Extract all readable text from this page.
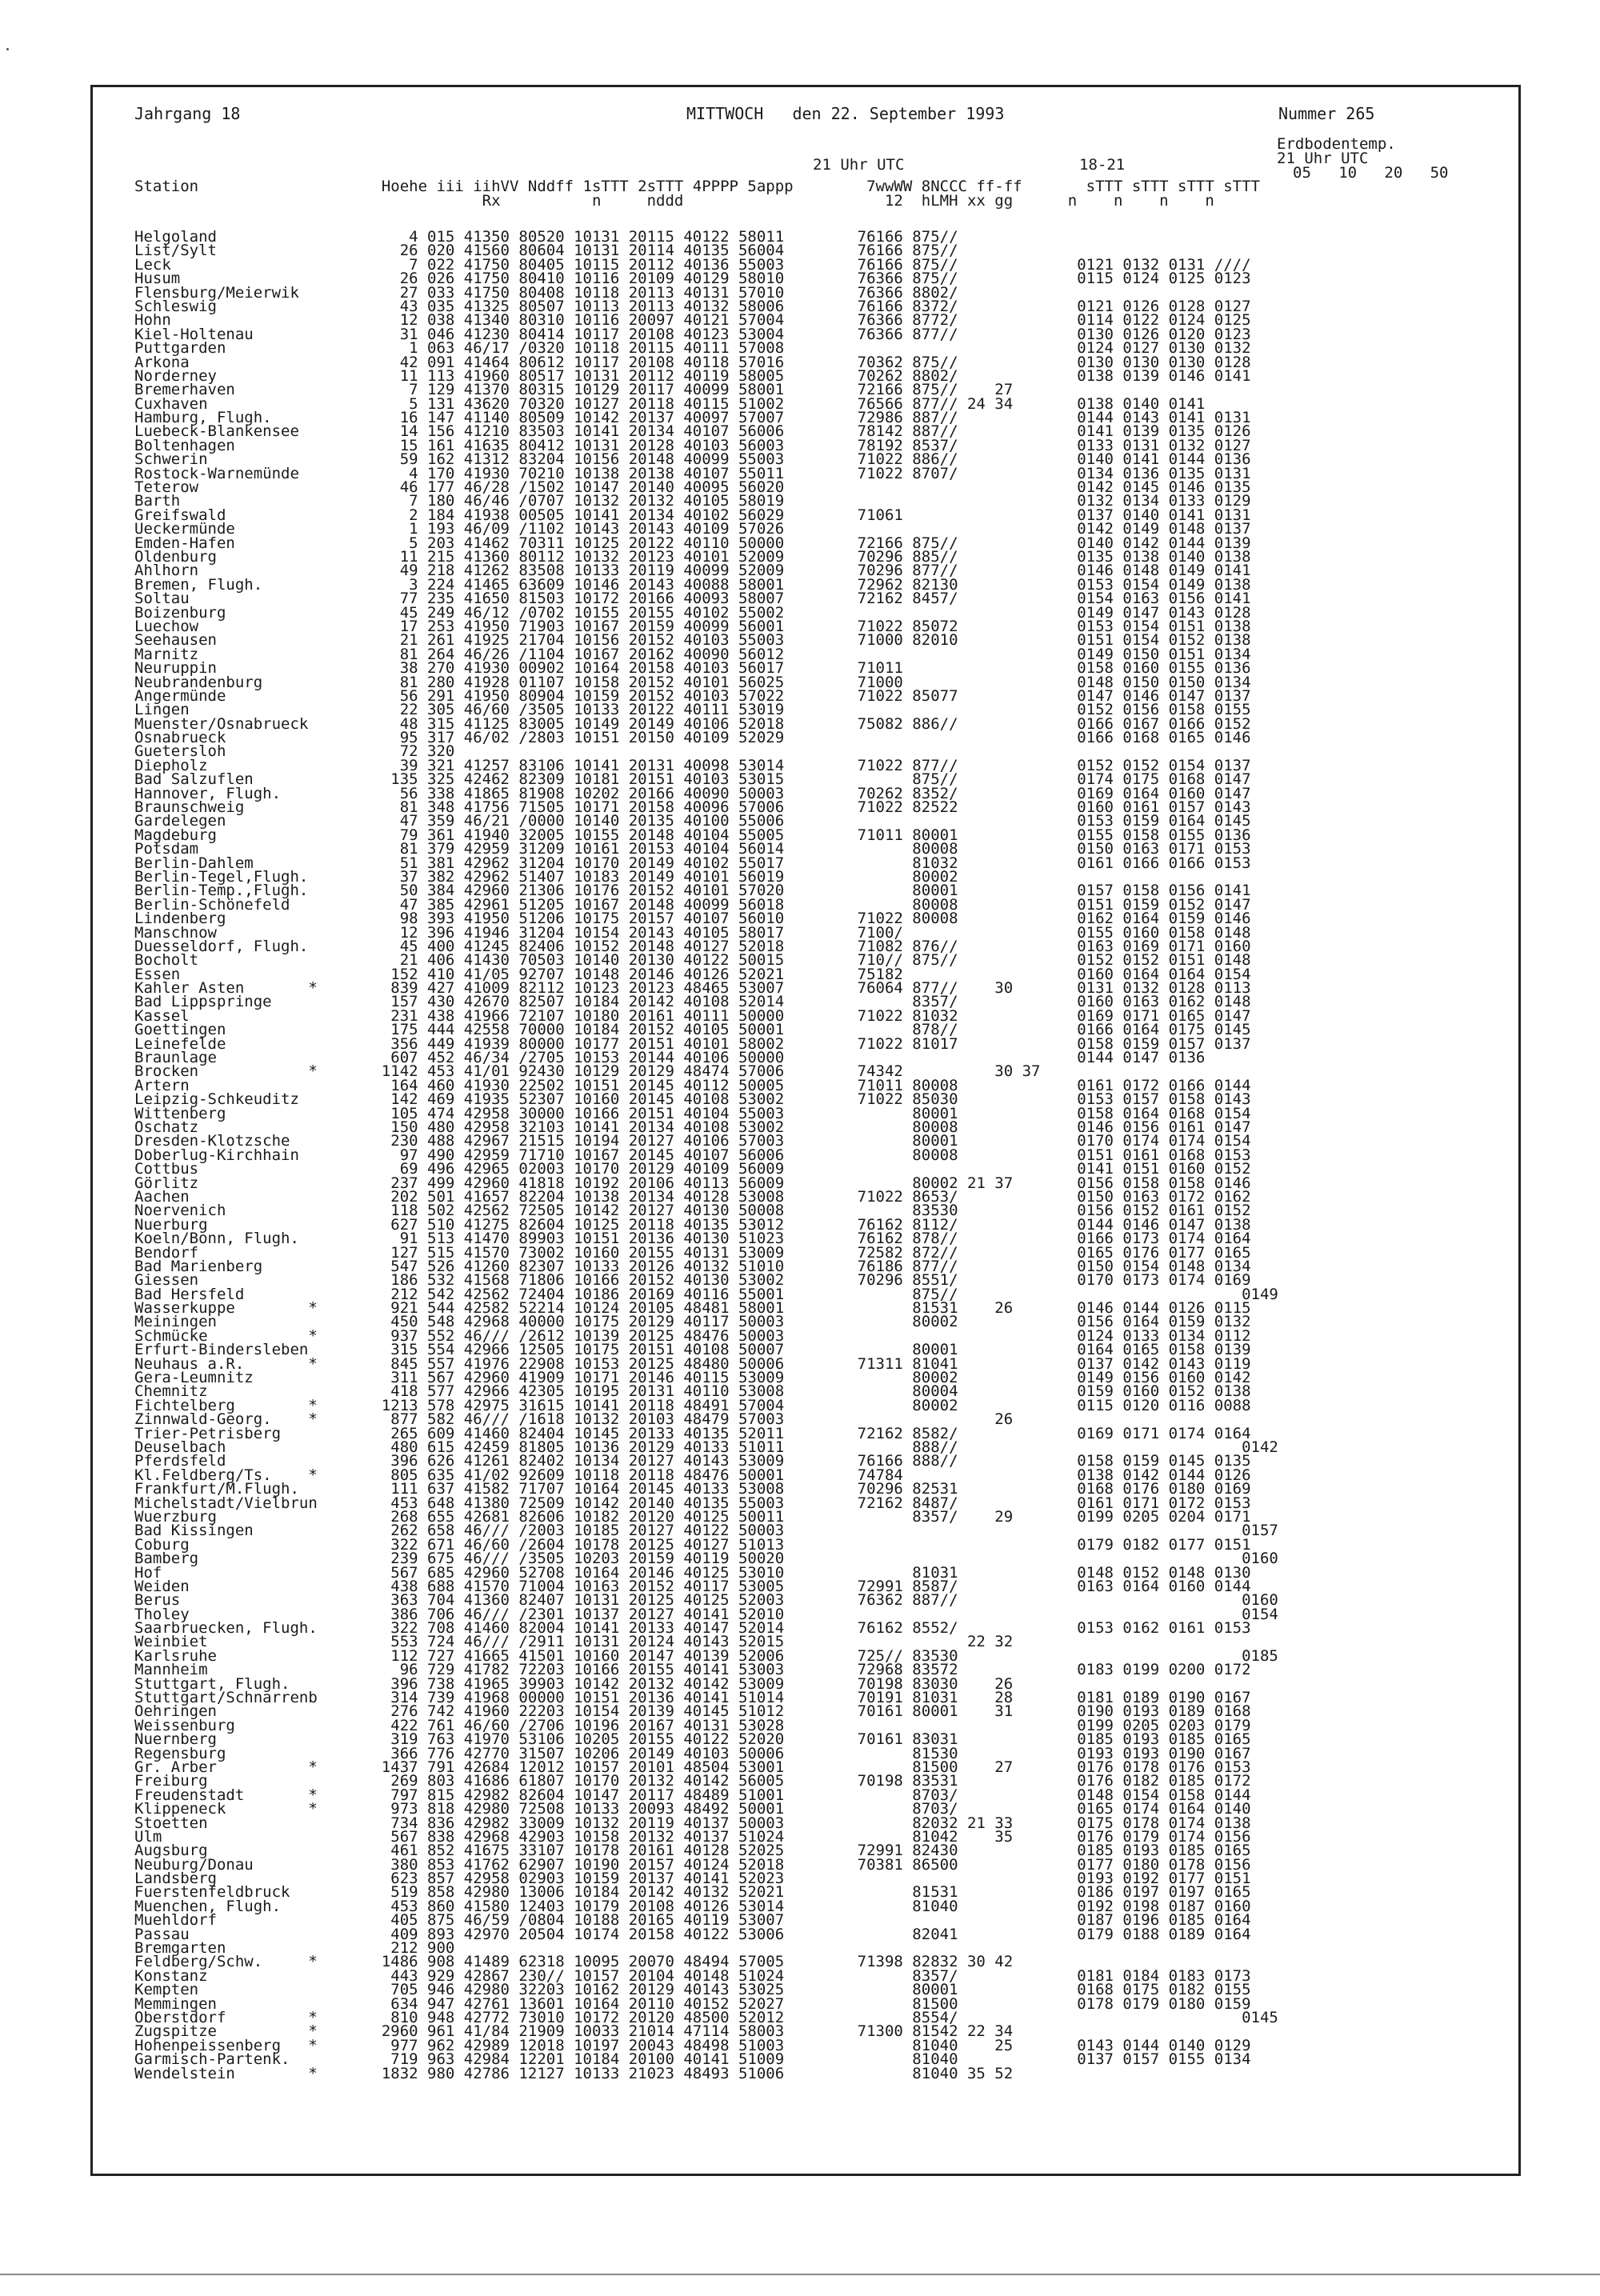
Jahrgang 18	MITTWOCH   den 22. September 1993	Nummer 265
Erdbodentemp.
21 Uhr UTC
21 Uhr UTC	18-21	05   10   20   50
Station                    Hoehe iii iihVV Nddff 1sTTT 2sTTT 4PPPP 5appp        7wwWW 8NCCC ff-ff       sTTT sTTT sTTT sTTT
Rx          n     nddd                      12  hLMH xx gg      n    n    n    n
Helgoland                     4 015 41350 80520 10131 20115 40122 58011        76166 875//
List/Sylt                    26 020 41560 80604 10131 20114 40135 56004        76166 875//
Leck                          7 022 41750 80405 10115 20112 40136 55003        76166 875//             0121 0132 0131 ////
Husum                        26 026 41750 80410 10116 20109 40129 58010        76366 875//             0115 0124 0125 0123
Flensburg/Meierwik           27 033 41750 80408 10118 20113 40131 57010        76366 8802/
Schleswig                    43 035 41325 80507 10113 20113 40132 58006        76166 8372/             0121 0126 0128 0127
Hohn                         12 038 41340 80310 10116 20097 40121 57004        76366 8772/             0114 0122 0124 0125
Kiel-Holtenau                31 046 41230 80414 10117 20108 40123 53004        76366 877//             0130 0126 0120 0123
Puttgarden                    1 063 46/17 /0320 10118 20115 40111 57008                                0124 0127 0130 0132
Arkona                       42 091 41464 80612 10117 20108 40118 57016        70362 875//             0130 0130 0130 0128
Norderney                    11 113 41960 80517 10131 20112 40119 58005        70262 8802/             0138 0139 0146 0141
Bremerhaven                   7 129 41370 80315 10129 20117 40099 58001        72166 875//    27
Cuxhaven                      5 131 43620 70320 10127 20118 40115 51002        76566 877// 24 34       0138 0140 0141
Hamburg, Flugh.              16 147 41140 80509 10142 20137 40097 57007        72986 887//             0144 0143 0141 0131
Luebeck-Blankensee           14 156 41210 83503 10141 20134 40107 56006        78142 887//             0141 0139 0135 0126
Boltenhagen                  15 161 41635 80412 10131 20128 40103 56003        78192 8537/             0133 0131 0132 0127
Schwerin                     59 162 41312 83204 10156 20148 40099 55003        71022 886//             0140 0141 0144 0136
Rostock-Warnemünde            4 170 41930 70210 10138 20138 40107 55011        71022 8707/             0134 0136 0135 0131
Teterow                      46 177 46/28 /1502 10147 20140 40095 56020                                0142 0145 0146 0135
Barth                         7 180 46/46 /0707 10132 20132 40105 58019                                0132 0134 0133 0129
Greifswald                    2 184 41938 00505 10141 20134 40102 56029        71061                   0137 0140 0141 0131
Ueckermünde                   1 193 46/09 /1102 10143 20143 40109 57026                                0142 0149 0148 0137
Emden-Hafen                   5 203 41462 70311 10125 20122 40110 50000        72166 875//             0140 0142 0144 0139
Oldenburg                    11 215 41360 80112 10132 20123 40101 52009        70296 885//             0135 0138 0140 0138
Ahlhorn                      49 218 41262 83508 10133 20119 40099 52009        70296 877//             0146 0148 0149 0141
Bremen, Flugh.                3 224 41465 63609 10146 20143 40088 58001        72962 82130             0153 0154 0149 0138
Soltau                       77 235 41650 81503 10172 20166 40093 58007        72162 8457/             0154 0163 0156 0141
Boizenburg                   45 249 46/12 /0702 10155 20155 40102 55002                                0149 0147 0143 0128
Luechow                      17 253 41950 71903 10167 20159 40099 56001        71022 85072             0153 0154 0151 0138
Seehausen                    21 261 41925 21704 10156 20152 40103 55003        71000 82010             0151 0154 0152 0138
Marnitz                      81 264 46/26 /1104 10167 20162 40090 56012                                0149 0150 0151 0134
Neuruppin                    38 270 41930 00902 10164 20158 40103 56017        71011                   0158 0160 0155 0136
Neubrandenburg               81 280 41928 01107 10158 20152 40101 56025        71000                   0148 0150 0150 0134
Angermünde                   56 291 41950 80904 10159 20152 40103 57022        71022 85077             0147 0146 0147 0137
Lingen                       22 305 46/60 /3505 10133 20122 40111 53019                                0152 0156 0158 0155
Muenster/Osnabrueck          48 315 41125 83005 10149 20149 40106 52018        75082 886//             0166 0167 0166 0152
Osnabrueck                   95 317 46/02 /2803 10151 20150 40109 52029                                0166 0168 0165 0146
Guetersloh                   72 320
Diepholz                     39 321 41257 83106 10141 20131 40098 53014        71022 877//             0152 0152 0154 0137
Bad Salzuflen               135 325 42462 82309 10181 20151 40103 53015              875//             0174 0175 0168 0147
Hannover, Flugh.             56 338 41865 81908 10202 20166 40090 50003        70262 8352/             0169 0164 0160 0147
Braunschweig                 81 348 41756 71505 10171 20158 40096 57006        71022 82522             0160 0161 0157 0143
Gardelegen                   47 359 46/21 /0000 10140 20135 40100 55006                                0153 0159 0164 0145
Magdeburg                    79 361 41940 32005 10155 20148 40104 55005        71011 80001             0155 0158 0155 0136
Potsdam                      81 379 42959 31209 10161 20153 40104 56014              80008             0150 0163 0171 0153
Berlin-Dahlem                51 381 42962 31204 10170 20149 40102 55017              81032             0161 0166 0166 0153
Berlin-Tegel,Flugh.          37 382 42962 51407 10183 20149 40101 56019              80002
Berlin-Temp.,Flugh.          50 384 42960 21306 10176 20152 40101 57020              80001             0157 0158 0156 0141
Berlin-Schönefeld            47 385 42961 51205 10167 20148 40099 56018              80008             0151 0159 0152 0147
Lindenberg                   98 393 41950 51206 10175 20157 40107 56010        71022 80008             0162 0164 0159 0146
Manschnow                    12 396 41946 31204 10154 20143 40105 58017        7100/                   0155 0160 0158 0148
Duesseldorf, Flugh.          45 400 41245 82406 10152 20148 40127 52018        71082 876//             0163 0169 0171 0160
Bocholt                      21 406 41430 70503 10140 20130 40122 50015        710// 875//             0152 0152 0151 0148
Essen                       152 410 41/05 92707 10148 20146 40126 52021        75182                   0160 0164 0164 0154
Kahler Asten       *        839 427 41009 82112 10123 20123 48465 53007        76064 877//    30       0131 0132 0128 0113
Bad Lippspringe             157 430 42670 82507 10184 20142 40108 52014              8357/             0160 0163 0162 0148
Kassel                      231 438 41966 72107 10180 20161 40111 50000        71022 81032             0169 0171 0165 0147
Goettingen                  175 444 42558 70000 10184 20152 40105 50001              878//             0166 0164 0175 0145
Leinefelde                  356 449 41939 80000 10177 20151 40101 58002        71022 81017             0158 0159 0157 0137
Braunlage                   607 452 46/34 /2705 10153 20144 40106 50000                                0144 0147 0136
Brocken            *       1142 453 41/01 92430 10129 20129 48474 57006        74342          30 37
Artern                      164 460 41930 22502 10151 20145 40112 50005        71011 80008             0161 0172 0166 0144
Leipzig-Schkeuditz          142 469 41935 52307 10160 20145 40108 53002        71022 85030             0153 0157 0158 0143
Wittenberg                  105 474 42958 30000 10166 20151 40104 55003              80001             0158 0164 0168 0154
Oschatz                     150 480 42958 32103 10141 20134 40108 53002              80008             0146 0156 0161 0147
Dresden-Klotzsche           230 488 42967 21515 10194 20127 40106 57003              80001             0170 0174 0174 0154
Doberlug-Kirchhain           97 490 42959 71710 10167 20145 40107 56006              80008             0151 0161 0168 0153
Cottbus                      69 496 42965 02003 10170 20129 40109 56009                                0141 0151 0160 0152
Görlitz                     237 499 42960 41818 10192 20106 40113 56009              80002 21 37       0156 0158 0158 0146
Aachen                      202 501 41657 82204 10138 20134 40128 53008        71022 8653/             0150 0163 0172 0162
Noervenich                  118 502 42562 72505 10142 20127 40130 50008              83530             0156 0152 0161 0152
Nuerburg                    627 510 41275 82604 10125 20118 40135 53012        76162 8112/             0144 0146 0147 0138
Koeln/Bonn, Flugh.           91 513 41470 89903 10151 20136 40130 51023        76162 878//             0166 0173 0174 0164
Bendorf                     127 515 41570 73002 10160 20155 40131 53009        72582 872//             0165 0176 0177 0165
Bad Marienberg              547 526 41260 82307 10133 20126 40132 51010        76186 877//             0150 0154 0148 0134
Giessen                     186 532 41568 71806 10166 20152 40130 53002        70296 8551/             0170 0173 0174 0169
Bad Hersfeld                212 542 42562 72404 10186 20169 40116 55001              875//                               0149
Wasserkuppe        *        921 544 42582 52214 10124 20105 48481 58001              81531    26       0146 0144 0126 0115
Meiningen                   450 548 42968 40000 10175 20129 40117 50003              80002             0156 0164 0159 0132
Schmücke           *        937 552 46/// /2612 10139 20125 48476 50003                                0124 0133 0134 0112
Erfurt-Bindersleben         315 554 42966 12505 10175 20151 40108 50007              80001             0164 0165 0158 0139
Neuhaus a.R.       *        845 557 41976 22908 10153 20125 48480 50006        71311 81041             0137 0142 0143 0119
Gera-Leumnitz               311 567 42960 41909 10171 20146 40115 53009              80002             0149 0156 0160 0142
Chemnitz                    418 577 42966 42305 10195 20131 40110 53008              80004             0159 0160 0152 0138
Fichtelberg        *       1213 578 42975 31615 10141 20118 48491 57004              80002             0115 0120 0116 0088
Zinnwald-Georg.    *        877 582 46/// /1618 10132 20103 48479 57003                       26
Trier-Petrisberg            265 609 41460 82404 10145 20133 40135 52011        72162 8582/             0169 0171 0174 0164
Deuselbach                  480 615 42459 81805 10136 20129 40133 51011              888//                               0142
Pferdsfeld                  396 626 41261 82402 10134 20127 40143 53009        76166 888//             0158 0159 0145 0135
Kl.Feldberg/Ts.    *        805 635 41/02 92609 10118 20118 48476 50001        74784                   0138 0142 0144 0126
Frankfurt/M.Flugh.          111 637 41582 71707 10164 20145 40133 53008        70296 82531             0168 0176 0180 0169
Michelstadt/Vielbrun        453 648 41380 72509 10142 20140 40135 55003        72162 8487/             0161 0171 0172 0153
Wuerzburg                   268 655 42681 82606 10182 20120 40125 50011              8357/    29       0199 0205 0204 0171
Bad Kissingen               262 658 46/// /2003 10185 20127 40122 50003                                                  0157
Coburg                      322 671 46/60 /2604 10178 20125 40127 51013                                0179 0182 0177 0151
Bamberg                     239 675 46/// /3505 10203 20159 40119 50020                                                  0160
Hof                         567 685 42960 52708 10164 20146 40125 53010              81031             0148 0152 0148 0130
Weiden                      438 688 41570 71004 10163 20152 40117 53005        72991 8587/             0163 0164 0160 0144
Berus                       363 704 41360 82407 10131 20125 40125 52003        76362 887//                               0160
Tholey                      386 706 46/// /2301 10137 20127 40141 52010                                                  0154
Saarbruecken, Flugh.        322 708 41460 82004 10141 20133 40147 52014        76162 8552/             0153 0162 0161 0153
Weinbiet                    553 724 46/// /2911 10131 20124 40143 52015                    22 32
Karlsruhe                   112 727 41665 41501 10160 20147 40139 52006        725// 83530                               0185
Mannheim                     96 729 41782 72203 10166 20155 40141 53003        72968 83572             0183 0199 0200 0172
Stuttgart, Flugh.           396 738 41965 39903 10142 20132 40142 53009        70198 83030    26
Stuttgart/Schnarrenb        314 739 41968 00000 10151 20136 40141 51014        70191 81031    28       0181 0189 0190 0167
Oehringen                   276 742 41960 22203 10154 20139 40145 51012        70161 80001    31       0190 0193 0189 0168
Weissenburg                 422 761 46/60 /2706 10196 20167 40131 53028                                0199 0205 0203 0179
Nuernberg                   319 763 41970 53106 10205 20155 40122 52020        70161 83031             0185 0193 0185 0165
Regensburg                  366 776 42770 31507 10206 20149 40103 50006              81530             0193 0193 0190 0167
Gr. Arber          *       1437 791 42684 12012 10157 20101 48504 53001              81500    27       0176 0178 0176 0153
Freiburg                    269 803 41686 61807 10170 20132 40142 56005        70198 83531             0176 0182 0185 0172
Freudenstadt       *        797 815 42982 82604 10147 20117 48489 51001              8703/             0148 0154 0158 0144
Klippeneck         *        973 818 42980 72508 10133 20093 48492 50001              8703/             0165 0174 0164 0140
Stoetten                    734 836 42982 33009 10132 20119 40137 50003              82032 21 33       0175 0178 0174 0138
Ulm                         567 838 42968 42903 10158 20132 40137 51024              81042    35       0176 0179 0174 0156
Augsburg                    461 852 41675 33107 10178 20161 40128 52025        72991 82430             0185 0193 0185 0165
Neuburg/Donau               380 853 41762 62907 10190 20157 40124 52018        70381 86500             0177 0180 0178 0156
Landsberg                   623 857 42958 02903 10159 20137 40141 52023                                0193 0192 0177 0151
Fuerstenfeldbruck           519 858 42980 13006 10184 20142 40132 52021              81531             0186 0197 0197 0165
Muenchen, Flugh.            453 860 41580 12403 10179 20108 40126 53014              81040             0192 0198 0187 0160
Muehldorf                   405 875 46/59 /0804 10188 20165 40119 53007                                0187 0196 0185 0164
Passau                      409 893 42970 20504 10174 20158 40122 53006              82041             0179 0188 0189 0164
Bremgarten                  212 900
Feldberg/Schw.     *       1486 908 41489 62318 10095 20070 48494 57005        71398 82832 30 42
Konstanz                    443 929 42867 230// 10157 20104 40148 51024              8357/             0181 0184 0183 0173
Kempten                     705 946 42980 32203 10162 20129 40143 53025              80001             0168 0175 0182 0155
Memmingen                   634 947 42761 13601 10164 20110 40152 52027              81500             0178 0179 0180 0159
Oberstdorf         *        810 948 42772 73010 10172 20120 48500 52012              8554/                               0145
Zugspitze          *       2960 961 41/84 21909 10033 21014 47114 58003        71300 81542 22 34
Hohenpeissenberg   *        977 962 42989 12018 10197 20043 48498 51003              81040    25       0143 0144 0140 0129
Garmisch-Partenk.           719 963 42984 12201 10184 20100 40141 51009              81040             0137 0157 0155 0134
Wendelstein        *       1832 980 42786 12127 10133 21023 48493 51006              81040 35 52
